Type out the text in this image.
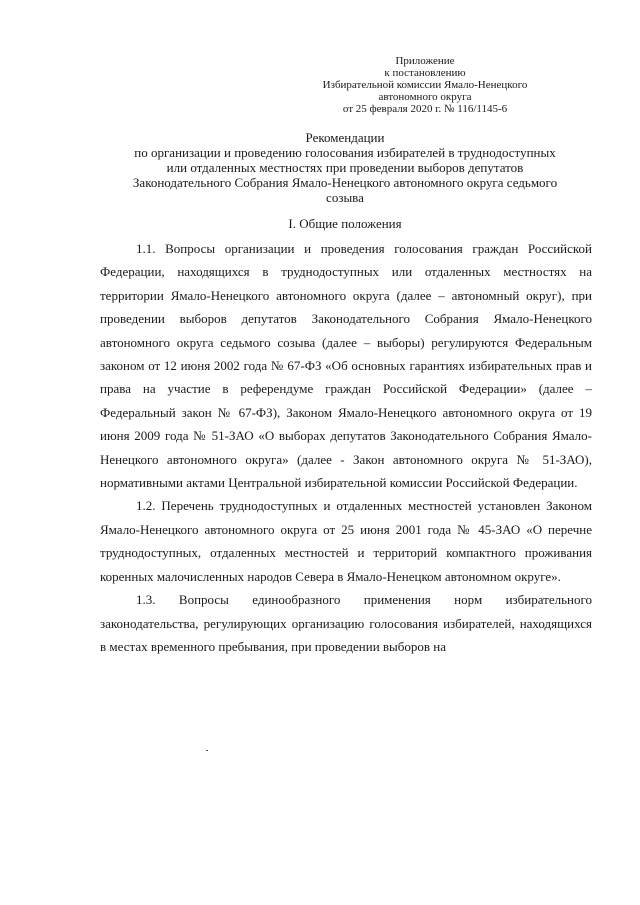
Приложение
к постановлению
Избирательной комиссии Ямало-Ненецкого
автономного округа
от 25 февраля 2020 г. № 116/1145-6
Рекомендации
по организации и проведению голосования избирателей в труднодоступных
или отдаленных местностях при проведении выборов депутатов
Законодательного Собрания Ямало-Ненецкого автономного округа седьмого
созыва
I. Общие положения

1.1. Вопросы организации и проведения голосования граждан Российской Федерации, находящихся в труднодоступных или отдаленных местностях на территории Ямало-Ненецкого автономного округа (далее – автономный округ), при проведении выборов депутатов Законодательного Собрания Ямало-Ненецкого автономного округа седьмого созыва (далее – выборы) регулируются Федеральным законом от 12 июня 2002 года № 67-ФЗ «Об основных гарантиях избирательных прав и права на участие в референдуме граждан Российской Федерации» (далее – Федеральный закон № 67-ФЗ), Законом Ямало-Ненецкого автономного округа от 19 июня 2009 года № 51-ЗАО «О выборах депутатов Законодательного Собрания Ямало-Ненецкого автономного округа» (далее - Закон автономного округа № 51-ЗАО), нормативными актами Центральной избирательной комиссии Российской Федерации.

1.2. Перечень труднодоступных и отдаленных местностей установлен Законом Ямало-Ненецкого автономного округа от 25 июня 2001 года № 45-ЗАО «О перечне труднодоступных, отдаленных местностей и территорий компактного проживания коренных малочисленных народов Севера в Ямало-Ненецком автономном округе».

1.3. Вопросы единообразного применения норм избирательного законодательства, регулирующих организацию голосования избирателей, находящихся в местах временного пребывания, при проведении выборов на
